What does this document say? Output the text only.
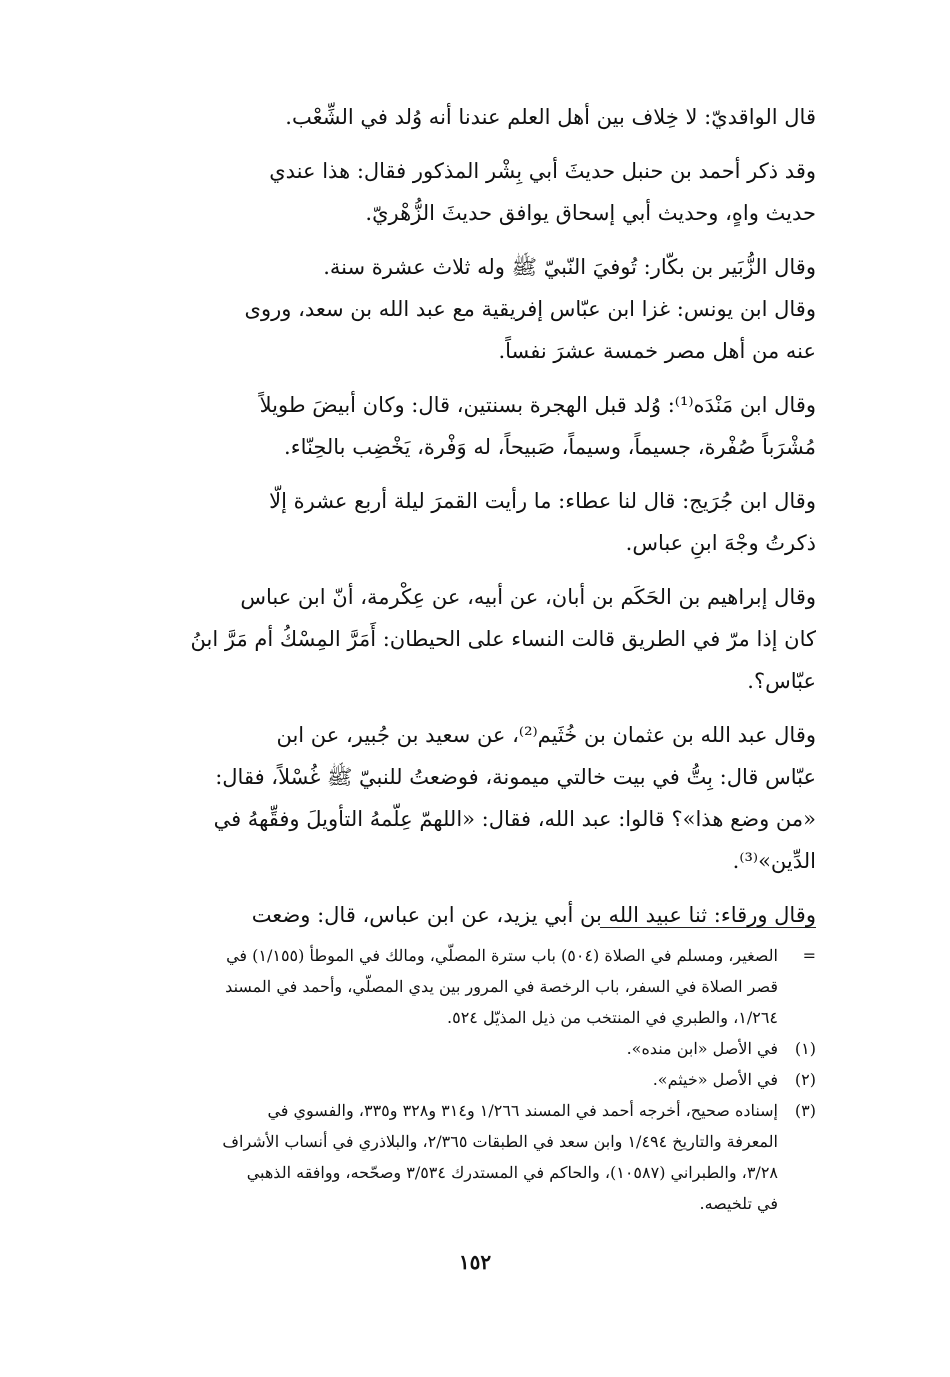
قال الواقديّ: لا خِلاف بين أهل العلم عندنا أنه وُلد في الشِّعْب.

وقد ذكر أحمد بن حنبل حديثَ أبي بِشْر المذكور فقال: هذا عندي
حديث واهٍ، وحديث أبي إسحاق يوافق حديثَ الزُّهْريّ.

وقال الزُّبَير بن بكّار: تُوفيَ النّبيّ ﷺ وله ثلاث عشرة سنة.

وقال ابن يونس: غزا ابن عبّاس إفريقية مع عبد الله بن سعد، وروى
عنه من أهل مصر خمسة عشرَ نفساً.

وقال ابن مَنْدَه⁽¹⁾: وُلد قبل الهجرة بسنتين، قال: وكان أبيضَ طويلاً
مُشْرَباً صُفْرة، جسيماً، وسيماً، صَبيحاً، له وَفْرة، يَخْضِب بالحِنّاء.

وقال ابن جُرَيج: قال لنا عطاء: ما رأيت القمرَ ليلة أربع عشرة إلّا
ذكرتُ وجْهَ ابنِ عباس.

وقال إبراهيم بن الحَكَم بن أبان، عن أبيه، عن عِكْرمة، أنّ ابن عباس
كان إذا مرّ في الطريق قالت النساء على الحيطان: أَمَرَّ المِسْكُ أم مَرَّ ابنُ
عبّاس؟.

وقال عبد الله بن عثمان بن خُثَيم⁽²⁾، عن سعيد بن جُبير، عن ابن
عبّاس قال: بِتُّ في بيت خالتي ميمونة، فوضعتُ للنبيّ ﷺ غُسْلاً، فقال:
«من وضع هذا»؟ قالوا: عبد الله، فقال: «اللهمّ عِلّمهُ التأويلَ وفقِّههُ في
الدِّين»⁽³⁾.

وقال ورقاء: ثنا عبيد الله بن أبي يزيد، عن ابن عباس، قال: وضعت

=
الصغير، ومسلم في الصلاة (٥٠٤) باب سترة المصلّي، ومالك في الموطأ (١/١٥٥) في
قصر الصلاة في السفر، باب الرخصة في المرور بين يدي المصلّي، وأحمد في المسند
١/٢٦٤، والطبري في المنتخب من ذيل المذيّل ٥٢٤.
(١)
في الأصل «ابن منده».
(٢)
في الأصل «خيثم».
(٣)
إسناده صحيح، أخرجه أحمد في المسند ١/٢٦٦ و٣١٤ و٣٢٨ و٣٣٥، والفسوي في
المعرفة والتاريخ ١/٤٩٤ وابن سعد في الطبقات ٢/٣٦٥، والبلاذري في أنساب الأشراف
٣/٢٨، والطبراني (١٠٥٨٧)، والحاكم في المستدرك ٣/٥٣٤ وصحّحه، ووافقه الذهبي
في تلخيصه.
١٥٢
